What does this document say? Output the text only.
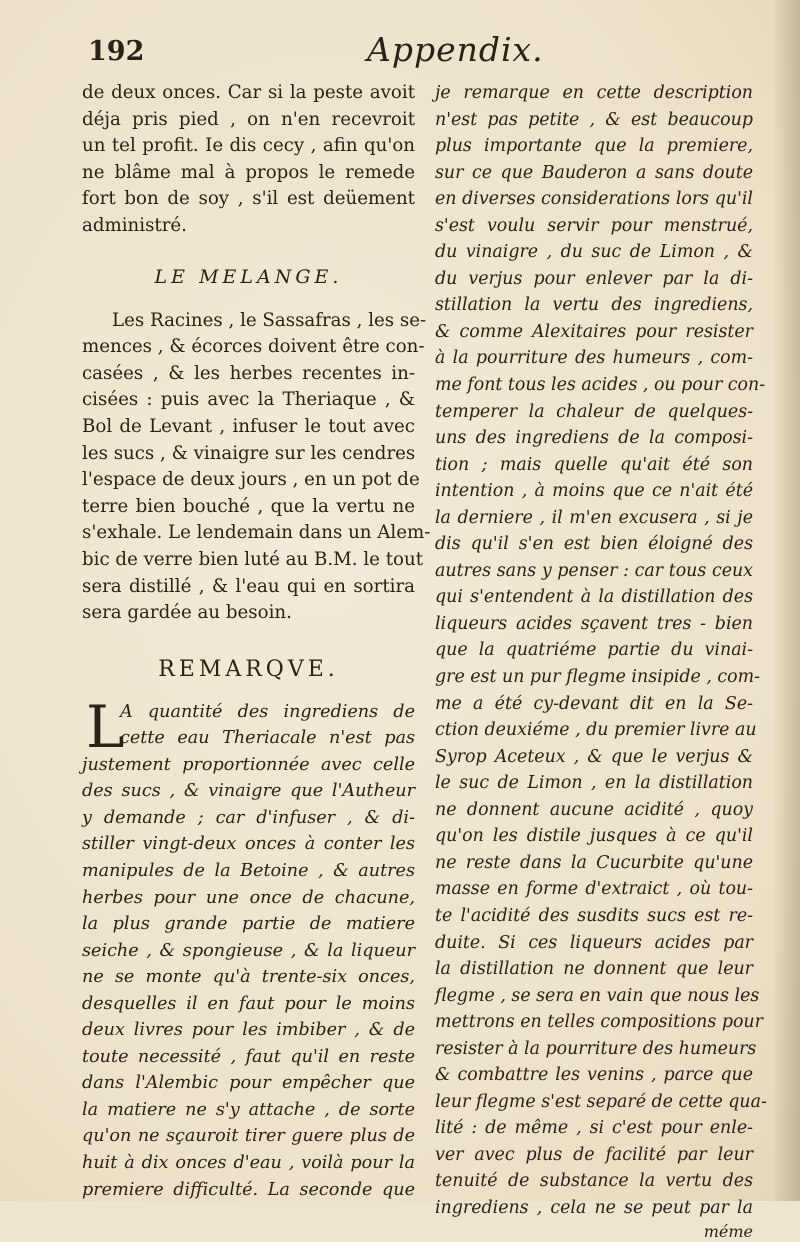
192	Appendix.
de deux onces. Car si la peste avoit
déja pris pied , on n'en recevroit
un tel profit. Ie dis cecy , afin qu'on
ne blâme mal à propos le remede
fort bon de soy , s'il est deüement
administré.
LE MELANGE.
Les Racines , le Sassafras , les se-
mences , & écorces doivent être con-
casées , & les herbes recentes in-
cisées : puis avec la Theriaque , &
Bol de Levant , infuser le tout avec
les sucs , & vinaigre sur les cendres
l'espace de deux jours , en un pot de
terre bien bouché , que la vertu ne
s'exhale. Le lendemain dans un Alem-
bic de verre bien luté au B.M. le tout
sera distillé , & l'eau qui en sortira
sera gardée au besoin.
REMARQVE.
L
A quantité des ingrediens de
cette eau Theriacale n'est pas
justement proportionnée avec celle
des sucs , & vinaigre que l'Autheur
y demande ; car d'infuser , & di-
stiller vingt-deux onces à conter les
manipules de la Betoine , & autres
herbes pour une once de chacune,
la plus grande partie de matiere
seiche , & spongieuse , & la liqueur
ne se monte qu'à trente-six onces,
desquelles il en faut pour le moins
deux livres pour les imbiber , & de
toute necessité , faut qu'il en reste
dans l'Alembic pour empêcher que
la matiere ne s'y attache , de sorte
qu'on ne sçauroit tirer guere plus de
huit à dix onces d'eau , voilà pour la
premiere difficulté. La seconde que
je remarque en cette description
n'est pas petite , & est beaucoup
plus importante que la premiere,
sur ce que Bauderon a sans doute
en diverses considerations lors qu'il
s'est voulu servir pour menstrué,
du vinaigre , du suc de Limon , &
du verjus pour enlever par la di-
stillation la vertu des ingrediens,
& comme Alexitaires pour resister
à la pourriture des humeurs , com-
me font tous les acides , ou pour con-
temperer la chaleur de quelques-
uns des ingrediens de la composi-
tion ; mais quelle qu'ait été son
intention , à moins que ce n'ait été
la derniere , il m'en excusera , si je
dis qu'il s'en est bien éloigné des
autres sans y penser : car tous ceux
qui s'entendent à la distillation des
liqueurs acides sçavent tres - bien
que la quatriéme partie du vinai-
gre est un pur flegme insipide , com-
me a été cy-devant dit en la Se-
ction deuxiéme , du premier livre au
Syrop Aceteux , & que le verjus &
le suc de Limon , en la distillation
ne donnent aucune acidité , quoy
qu'on les distile jusques à ce qu'il
ne reste dans la Cucurbite qu'une
masse en forme d'extraict , où tou-
te l'acidité des susdits sucs est re-
duite. Si ces liqueurs acides par
la distillation ne donnent que leur
flegme , se sera en vain que nous les
mettrons en telles compositions pour
resister à la pourriture des humeurs
& combattre les venins , parce que
leur flegme s'est separé de cette qua-
lité : de même , si c'est pour enle-
ver avec plus de facilité par leur
tenuité de substance la vertu des
ingrediens , cela ne se peut par la
méme
